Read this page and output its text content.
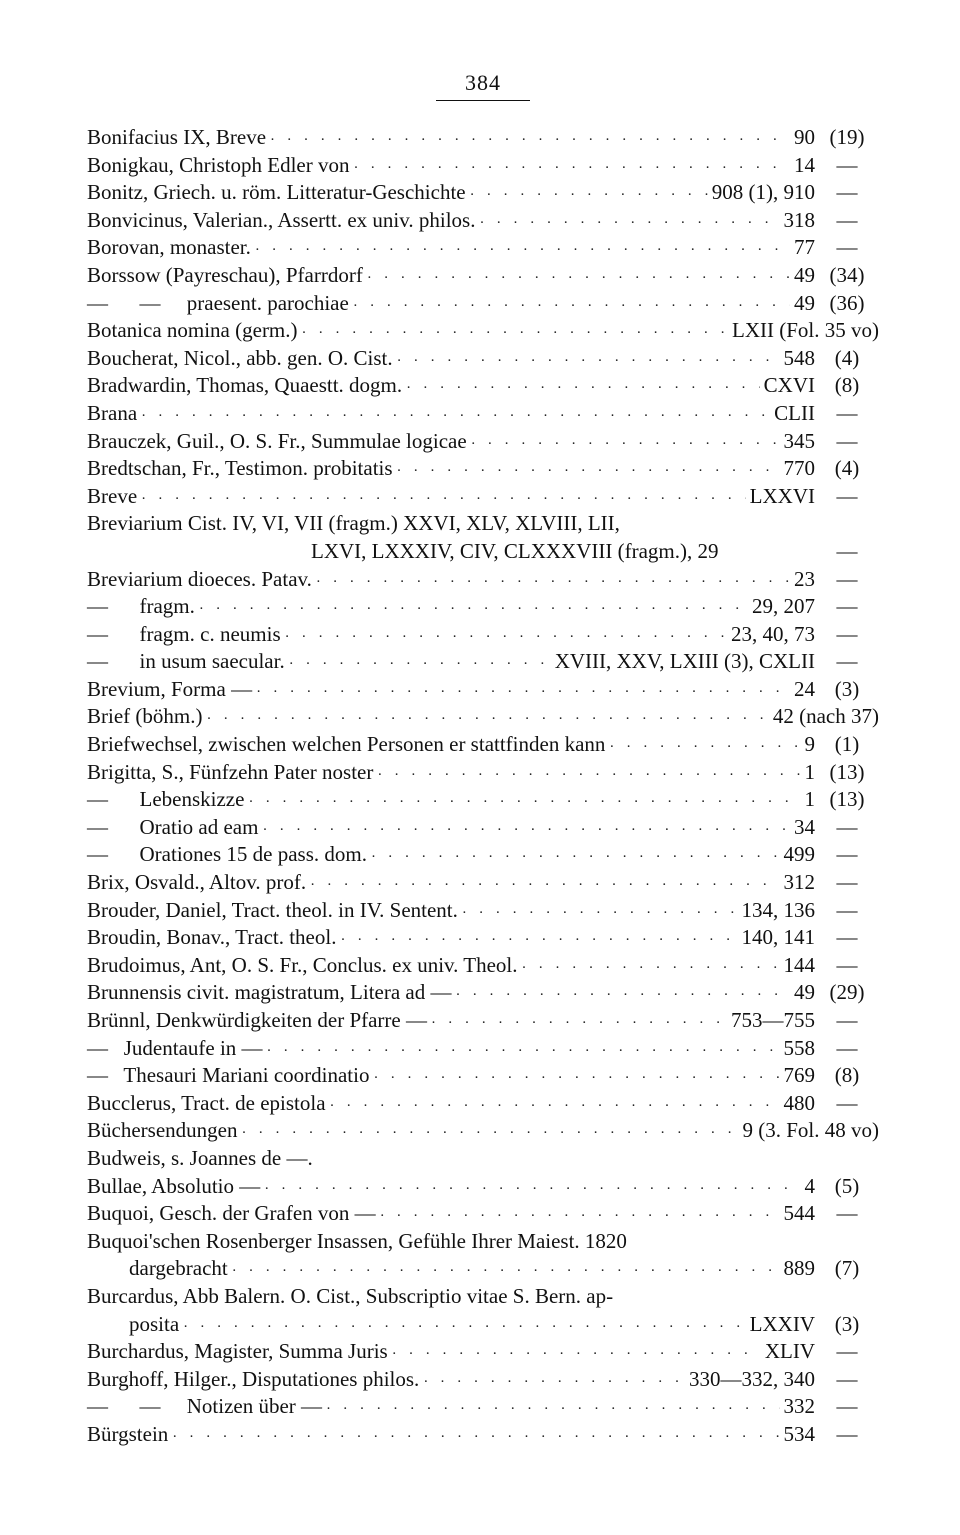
384
Bonifacius IX, Breve · · ·	90 (19)
Bonigkau, Christoph Edler von · · ·	14	—
Bonitz, Griech. u. röm. Litteratur-Geschichte · · ·	908 (1), 910	—
Bonvicinus, Valerian., Assertt. ex univ. philos. · · ·	318	—
Borovan, monaster. · · ·	77	—
Borssow (Payreschau), Pfarrdorf · · ·	49 (34)
—      —     praesent. parochiae · · ·	49 (36)
Botanica nomina (germ.) · · ·	LXII (Fol. 35 vo)
Boucherat, Nicol., abb. gen. O. Cist. · · ·	548 (4)
Bradwardin, Thomas, Quaestt. dogm. · · ·	CXVI (8)
Brana · · ·	CLII	—
Brauczek, Guil., O. S. Fr., Summulae logicae · · ·	345	—
Bredtschan, Fr., Testimon. probitatis · · ·	770 (4)
Breve · · ·	LXXVI	—
Breviarium Cist. IV, VI, VII (fragm.) XXVI, XLV, XLVIII, LII,
LXVI, LXXXIV, CIV, CLXXXVIII (fragm.), 29	—
Breviarium dioeces. Patav. · · ·	23	—
—      fragm. · · ·	29, 207	—
—      fragm. c. neumis · · ·	23, 40, 73	—
—      in usum saecular. · · ·	XVIII, XXV, LXIII (3), CXLII	—
Brevium, Forma — · · ·	24 (3)
Brief (böhm.) · · ·	42 (nach 37)
Briefwechsel, zwischen welchen Personen er stattfinden kann · · ·	9 (1)
Brigitta, S., Fünfzehn Pater noster · · ·	1 (13)
—      Lebenskizze · · ·	1 (13)
—      Oratio ad eam · · ·	34	—
—      Orationes 15 de pass. dom. · · ·	499	—
Brix, Osvald., Altov. prof. · · ·	312	—
Brouder, Daniel, Tract. theol. in IV. Sentent. · · ·	134, 136	—
Broudin, Bonav., Tract. theol. · · ·	140, 141	—
Brudoimus, Ant, O. S. Fr., Conclus. ex univ. Theol. · · ·	144	—
Brunnensis civit. magistratum, Litera ad — · · ·	49 (29)
Brünnl, Denkwürdigkeiten der Pfarre — · · ·	753—755	—
—   Judentaufe in — · · ·	558	—
—   Thesauri Mariani coordinatio · · ·	769 (8)
Bucclerus, Tract. de epistola · · ·	480	—
Büchersendungen · · ·	9 (3. Fol. 48 vo)
Budweis, s. Joannes de —.
Bullae, Absolutio — · · ·	4 (5)
Buquoi, Gesch. der Grafen von — · · ·	544	—
Buquoi'schen Rosenberger Insassen, Gefühle Ihrer Maiest. 1820
dargebracht · · ·	889 (7)
Burcardus, Abb Balern. O. Cist., Subscriptio vitae S. Bern. ap-
posita · · ·	LXXIV (3)
Burchardus, Magister, Summa Juris · · ·	XLIV	—
Burghoff, Hilger., Disputationes philos. · · ·	330—332, 340	—
—      —     Notizen über — · · ·	332	—
Bürgstein · · ·	534	—
